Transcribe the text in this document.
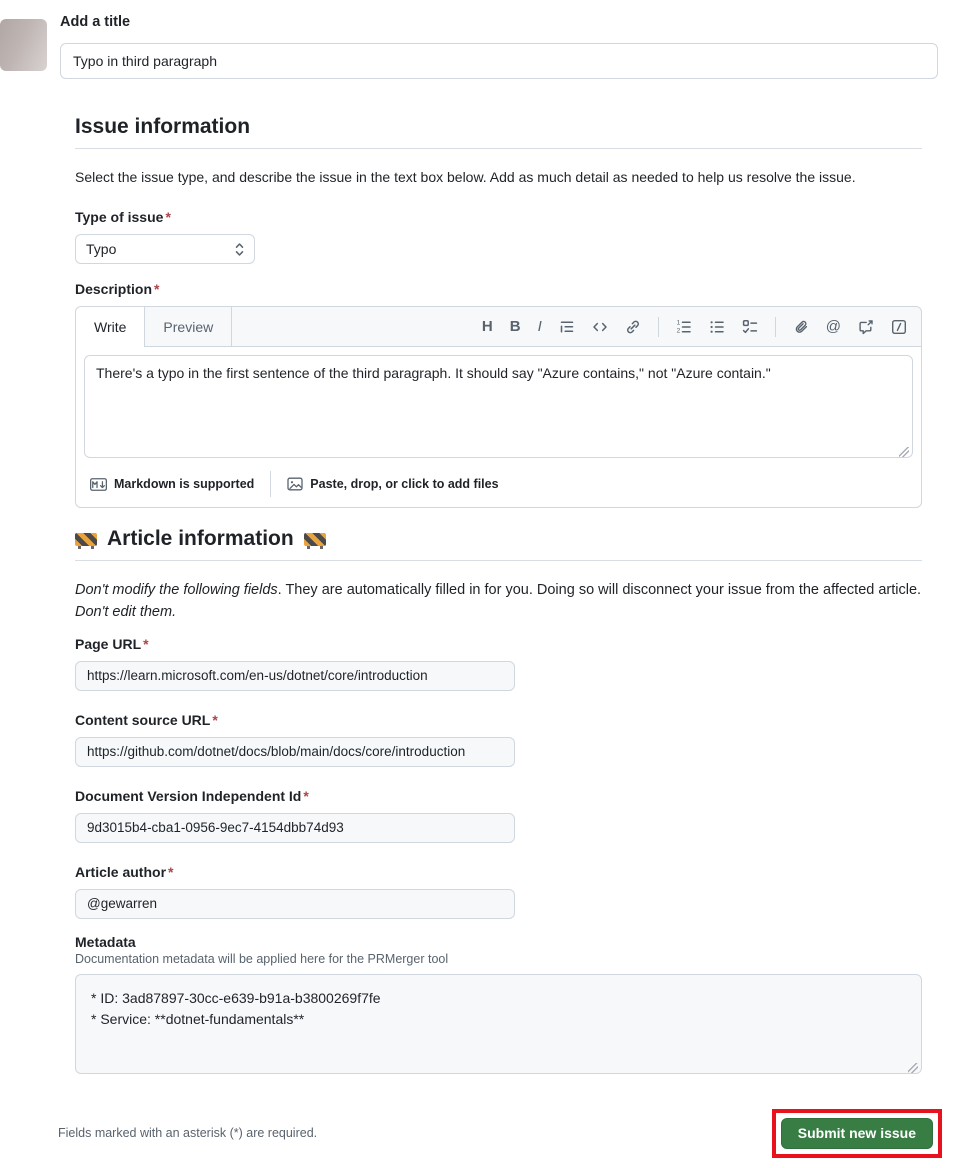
Add a title
Typo in third paragraph
Issue information

Select the issue type, and describe the issue in the text box below. Add as much detail as needed to help us resolve the issue.

Type of issue *
Typo
Description *
Write	Preview	H B I	1
2	@
There's a typo in the first sentence of the third paragraph. It should say "Azure contains," not "Azure contain."
Markdown is supported	Paste, drop, or click to add files
Article information

Don't modify the following fields. They are automatically filled in for you. Doing so will disconnect your issue from the affected article. Don't edit them.

Page URL *
https://learn.microsoft.com/en-us/dotnet/core/introduction
Content source URL *
https://github.com/dotnet/docs/blob/main/docs/core/introduction
Document Version Independent Id *
9d3015b4-cba1-0956-9ec7-4154dbb74d93
Article author *
@gewarren
Metadata
Documentation metadata will be applied here for the PRMerger tool
* ID: 3ad87897-30cc-e639-b91a-b3800269f7fe * Service: **dotnet-fundamentals**
Fields marked with an asterisk (*) are required.	Submit new issue
